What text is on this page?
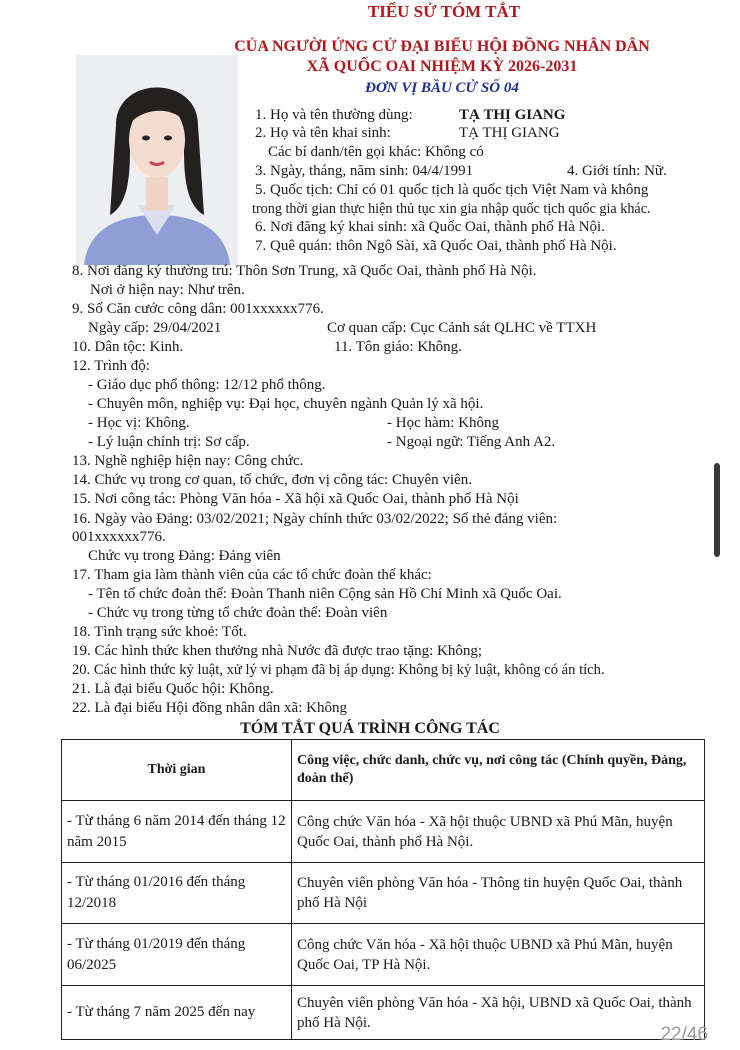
TIỂU SỬ TÓM TẮT
CỦA NGƯỜI ỨNG CỬ ĐẠI BIỂU HỘI ĐỒNG NHÂN DÂN
XÃ QUỐC OAI NHIỆM KỲ 2026-2031
ĐƠN VỊ BẦU CỬ SỐ 04
1. Họ và tên thường dùng:	TẠ THỊ GIANG
2. Họ và tên khai sinh:	TẠ THỊ GIANG
Các bí danh/tên gọi khác: Không có
3. Ngày, tháng, năm sinh: 04/4/1991	4. Giới tính: Nữ.
5. Quốc tịch: Chỉ có 01 quốc tịch là quốc tịch Việt Nam và không
trong thời gian thực hiện thủ tục xin gia nhập quốc tịch quốc gia khác.
6. Nơi đăng ký khai sinh: xã Quốc Oai, thành phố Hà Nội.
7. Quê quán: thôn Ngô Sài, xã Quốc Oai, thành phố Hà Nội.
8. Nơi đăng ký thường trú: Thôn Sơn Trung, xã Quốc Oai, thành phố Hà Nội.
Nơi ở hiện nay: Như trên.
9. Số Căn cước công dân: 001xxxxxx776.
Ngày cấp: 29/04/2021	Cơ quan cấp: Cục Cảnh sát QLHC về TTXH
10. Dân tộc: Kinh.	11. Tôn giáo: Không.
12. Trình độ:
- Giáo dục phổ thông: 12/12 phổ thông.
- Chuyên môn, nghiệp vụ: Đại học, chuyên ngành Quản lý xã hội.
- Học vị: Không.	- Học hàm: Không
- Lý luận chính trị: Sơ cấp.	- Ngoại ngữ: Tiếng Anh A2.
13. Nghề nghiệp hiện nay: Công chức.
14. Chức vụ trong cơ quan, tổ chức, đơn vị công tác: Chuyên viên.
15. Nơi công tác: Phòng Văn hóa - Xã hội xã Quốc Oai, thành phố Hà Nội
16. Ngày vào Đảng: 03/02/2021; Ngày chính thức 03/02/2022; Số thẻ đảng viên:
001xxxxxx776.
Chức vụ trong Đảng: Đảng viên
17. Tham gia làm thành viên của các tổ chức đoàn thể khác:
- Tên tổ chức đoàn thể: Đoàn Thanh niên Cộng sản Hồ Chí Minh xã Quốc Oai.
- Chức vụ trong từng tổ chức đoàn thể: Đoàn viên
18. Tình trạng sức khoẻ: Tốt.
19. Các hình thức khen thưởng nhà Nước đã được trao tặng: Không;
20. Các hình thức kỷ luật, xử lý vi phạm đã bị áp dụng: Không bị kỷ luật, không có án tích.
21. Là đại biểu Quốc hội: Không.
22. Là đại biểu Hội đồng nhân dân xã: Không
TÓM TẮT QUÁ TRÌNH CÔNG TÁC
Thời gian	Công việc, chức danh, chức vụ, nơi công tác (Chính quyền, Đảng, đoàn thể)
- Từ tháng 6 năm 2014 đến tháng 12 năm 2015	Công chức Văn hóa - Xã hội thuộc UBND xã Phú Mãn, huyện Quốc Oai, thành phố Hà Nội.
- Từ tháng 01/2016 đến tháng 12/2018	Chuyên viên phòng Văn hóa - Thông tin huyện Quốc Oai, thành phố Hà Nội
- Từ tháng 01/2019 đến tháng 06/2025	Công chức Văn hóa - Xã hội thuộc UBND xã Phú Mãn, huyện Quốc Oai, TP Hà Nội.
- Từ tháng 7 năm 2025 đến nay	Chuyên viên phòng Văn hóa - Xã hội, UBND xã Quốc Oai, thành phố Hà Nội.
22/46
